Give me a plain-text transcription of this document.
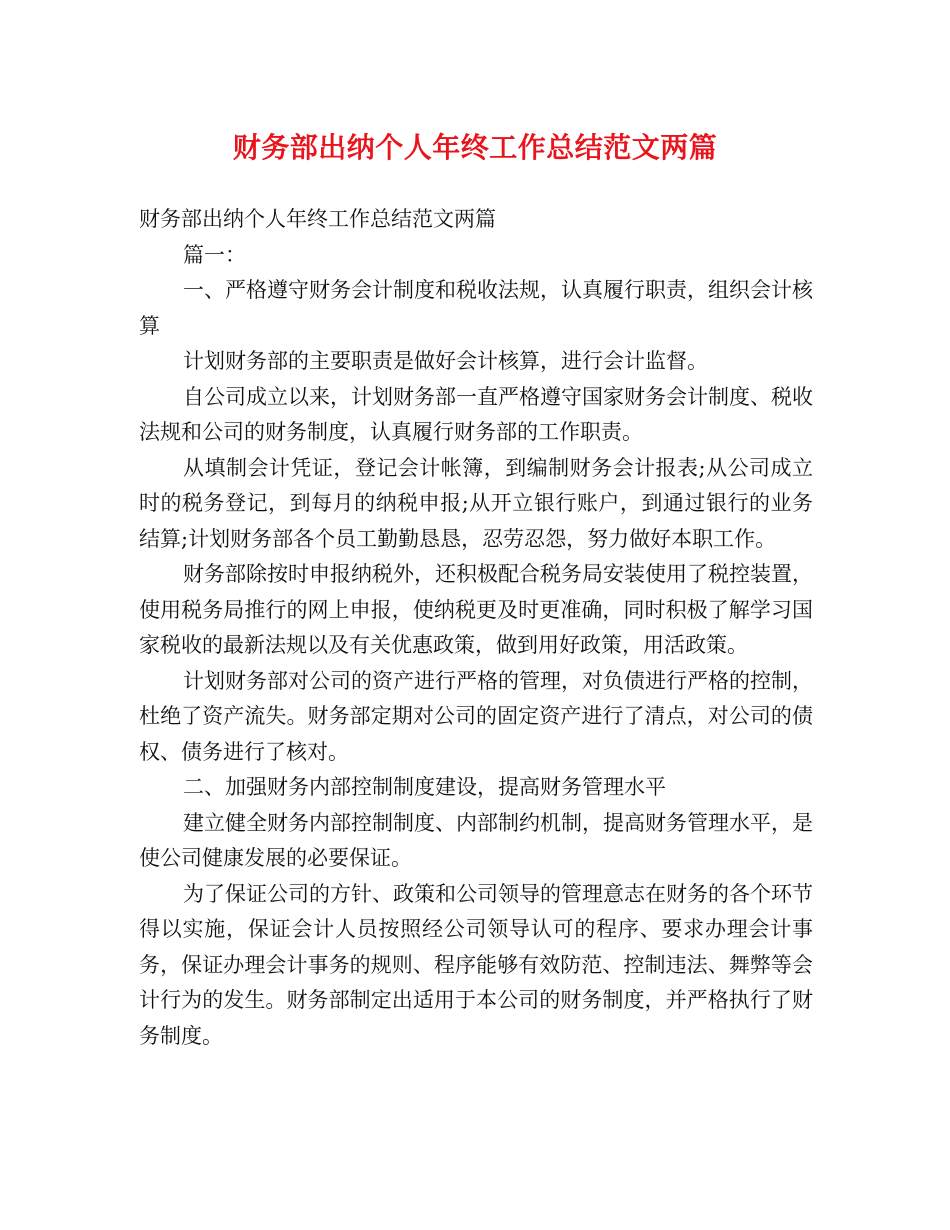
财务部出纳个人年终工作总结范文两篇

财务部出纳个人年终工作总结范文两篇

篇一：

一、严格遵守财务会计制度和税收法规，认真履行职责，组织会计核算

计划财务部的主要职责是做好会计核算，进行会计监督。

自公司成立以来，计划财务部一直严格遵守国家财务会计制度、税收法规和公司的财务制度，认真履行财务部的工作职责。

从填制会计凭证，登记会计帐簿，到编制财务会计报表;从公司成立时的税务登记，到每月的纳税申报;从开立银行账户，到通过银行的业务结算;计划财务部各个员工勤勤恳恳，忍劳忍怨，努力做好本职工作。

财务部除按时申报纳税外，还积极配合税务局安装使用了税控装置，使用税务局推行的网上申报，使纳税更及时更准确，同时积极了解学习国家税收的最新法规以及有关优惠政策，做到用好政策，用活政策。

计划财务部对公司的资产进行严格的管理，对负债进行严格的控制，杜绝了资产流失。财务部定期对公司的固定资产进行了清点，对公司的债权、债务进行了核对。

二、加强财务内部控制制度建设，提高财务管理水平

建立健全财务内部控制制度、内部制约机制，提高财务管理水平，是使公司健康发展的必要保证。

为了保证公司的方针、政策和公司领导的管理意志在财务的各个环节得以实施，保证会计人员按照经公司领导认可的程序、要求办理会计事务，保证办理会计事务的规则、程序能够有效防范、控制违法、舞弊等会计行为的发生。财务部制定出适用于本公司的财务制度，并严格执行了财务制度。
